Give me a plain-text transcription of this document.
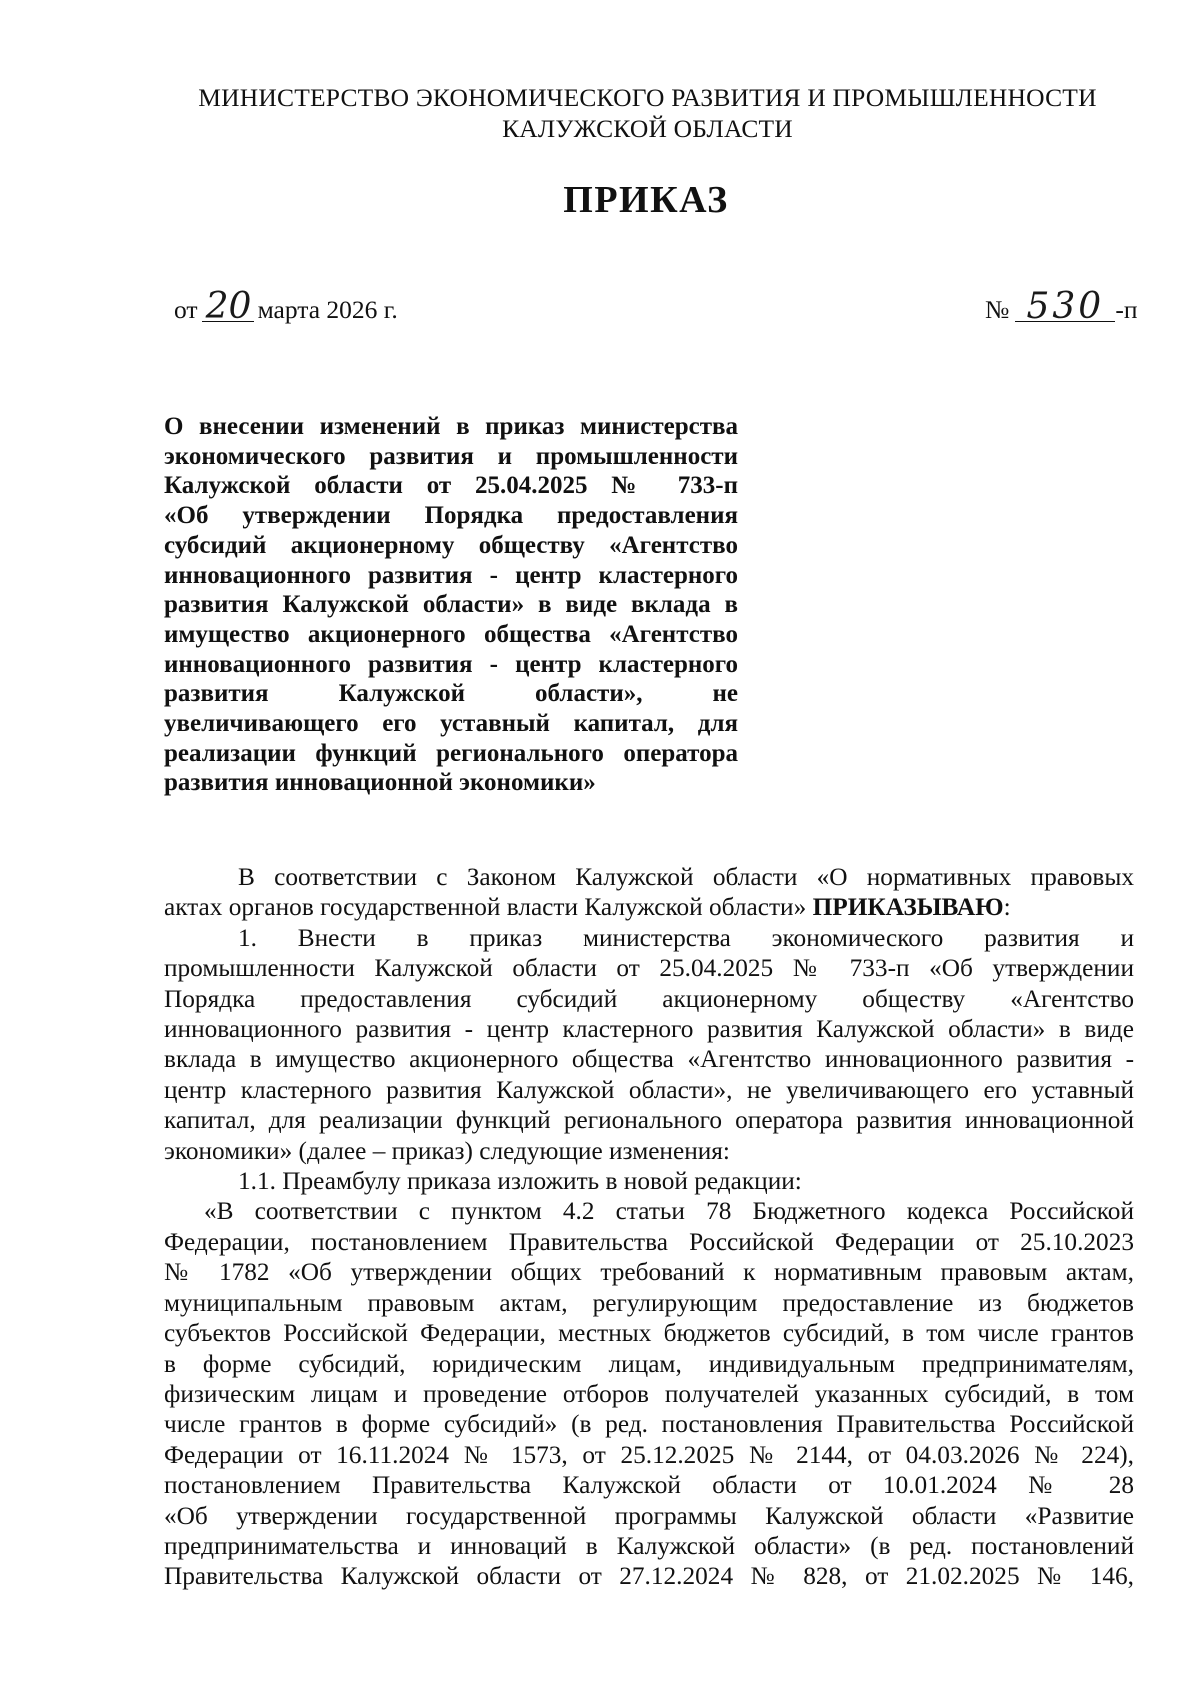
МИНИСТЕРСТВО ЭКОНОМИЧЕСКОГО РАЗВИТИЯ И ПРОМЫШЛЕННОСТИ
КАЛУЖСКОЙ ОБЛАСТИ
ПРИКАЗ
от 20 марта 2026 г.	№ 530 -п
О внесении изменений в приказ министерства
экономического развития и промышленности
Калужской области от 25.04.2025 № 733-п
«Об утверждении Порядка предоставления
субсидий акционерному обществу «Агентство
инновационного развития - центр кластерного
развития Калужской области» в виде вклада в
имущество акционерного общества «Агентство
инновационного развития - центр кластерного
развития Калужской области», не
увеличивающего его уставный капитал, для
реализации функций регионального оператора
развития инновационной экономики»
В соответствии с Законом Калужской области «О нормативных правовых
актах органов государственной власти Калужской области» ПРИКАЗЫВАЮ:
1. Внести в приказ министерства экономического развития и
промышленности Калужской области от 25.04.2025 № 733-п «Об утверждении
Порядка предоставления субсидий акционерному обществу «Агентство
инновационного развития - центр кластерного развития Калужской области» в виде
вклада в имущество акционерного общества «Агентство инновационного развития -
центр кластерного развития Калужской области», не увеличивающего его уставный
капитал, для реализации функций регионального оператора развития инновационной
экономики» (далее – приказ) следующие изменения:
1.1. Преамбулу приказа изложить в новой редакции:
«В соответствии с пунктом 4.2 статьи 78 Бюджетного кодекса Российской
Федерации, постановлением Правительства Российской Федерации от 25.10.2023
№ 1782 «Об утверждении общих требований к нормативным правовым актам,
муниципальным правовым актам, регулирующим предоставление из бюджетов
субъектов Российской Федерации, местных бюджетов субсидий, в том числе грантов
в форме субсидий, юридическим лицам, индивидуальным предпринимателям,
физическим лицам и проведение отборов получателей указанных субсидий, в том
числе грантов в форме субсидий» (в ред. постановления Правительства Российской
Федерации от 16.11.2024 № 1573, от 25.12.2025 № 2144, от 04.03.2026 № 224),
постановлением Правительства Калужской области от 10.01.2024 № 28
«Об утверждении государственной программы Калужской области «Развитие
предпринимательства и инноваций в Калужской области» (в ред. постановлений
Правительства Калужской области от 27.12.2024 № 828, от 21.02.2025 № 146,
